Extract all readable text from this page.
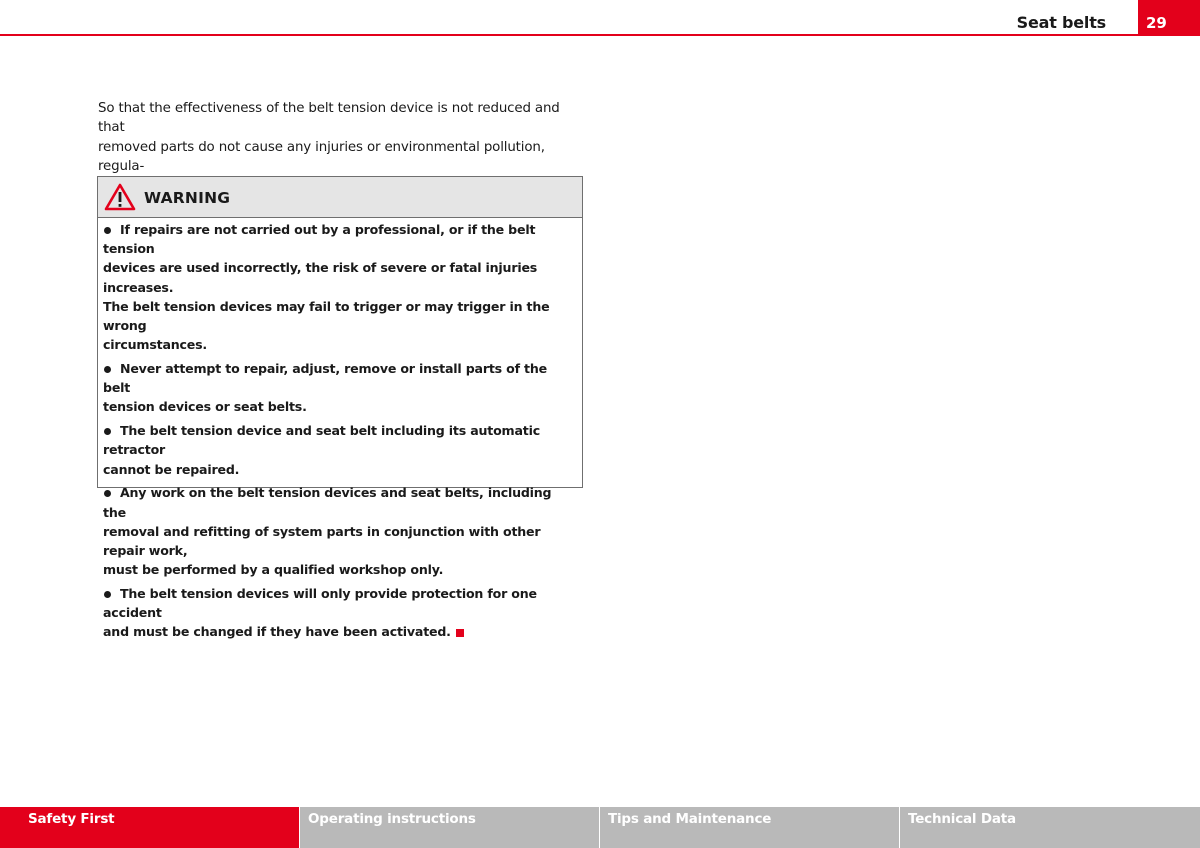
Seat belts	29
So that the effectiveness of the belt tension device is not reduced and that
removed parts do not cause any injuries or environmental pollution, regula-
WARNING
If repairs are not carried out by a professional, or if the belt tension
devices are used incorrectly, the risk of severe or fatal injuries increases.
The belt tension devices may fail to trigger or may trigger in the wrong
circumstances.
Never attempt to repair, adjust, remove or install parts of the belt
tension devices or seat belts.
The belt tension device and seat belt including its automatic retractor
cannot be repaired.
Any work on the belt tension devices and seat belts, including the
removal and refitting of system parts in conjunction with other repair work,
must be performed by a qualified workshop only.
The belt tension devices will only provide protection for one accident
and must be changed if they have been activated.
Safety First	Operating instructions	Tips and Maintenance	Technical Data
